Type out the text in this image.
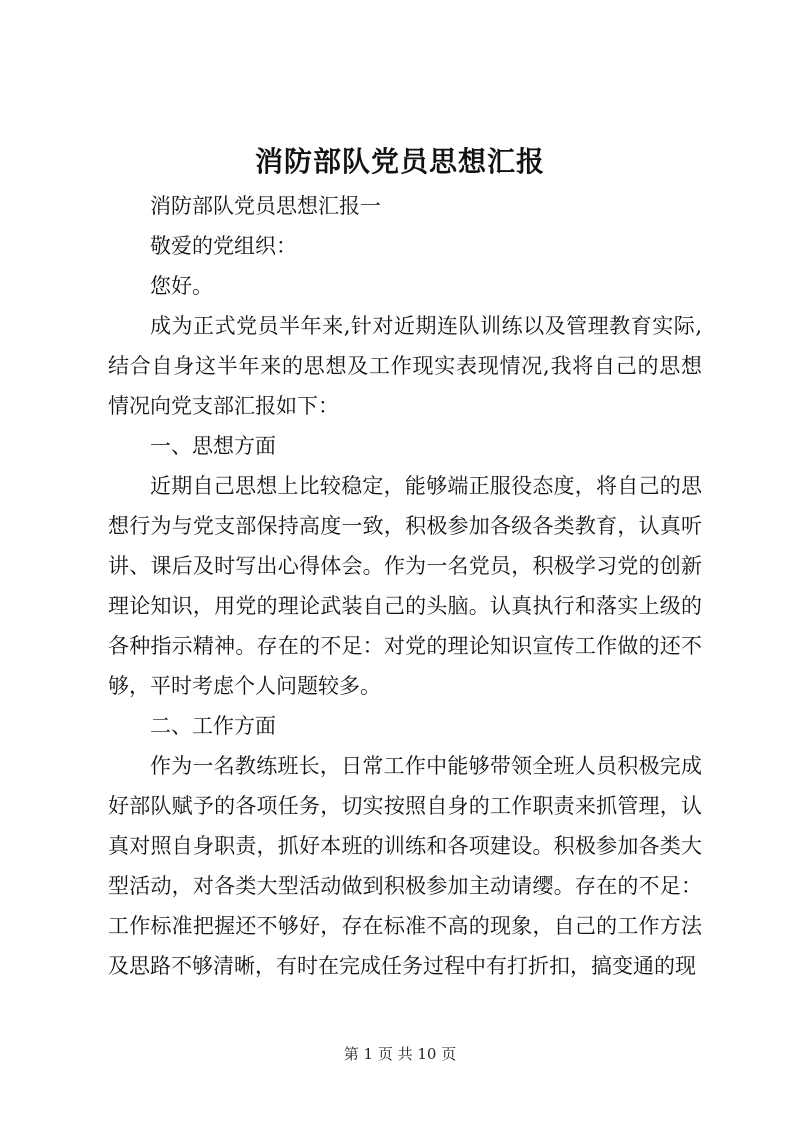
消防部队党员思想汇报

消防部队党员思想汇报一

敬爱的党组织：

您好。

成为正式党员半年来,针对近期连队训练以及管理教育实际,结合自身这半年来的思想及工作现实表现情况,我将自己的思想情况向党支部汇报如下：

一、思想方面

近期自己思想上比较稳定，能够端正服役态度，将自己的思想行为与党支部保持高度一致，积极参加各级各类教育，认真听讲、课后及时写出心得体会。作为一名党员，积极学习党的创新理论知识，用党的理论武装自己的头脑。认真执行和落实上级的各种指示精神。存在的不足：对党的理论知识宣传工作做的还不够，平时考虑个人问题较多。

二、工作方面

作为一名教练班长，日常工作中能够带领全班人员积极完成好部队赋予的各项任务，切实按照自身的工作职责来抓管理，认真对照自身职责，抓好本班的训练和各项建设。积极参加各类大型活动，对各类大型活动做到积极参加主动请缨。存在的不足：工作标准把握还不够好，存在标准不高的现象，自己的工作方法及思路不够清晰，有时在完成任务过程中有打折扣，搞变通的现

第 1 页 共 10 页
